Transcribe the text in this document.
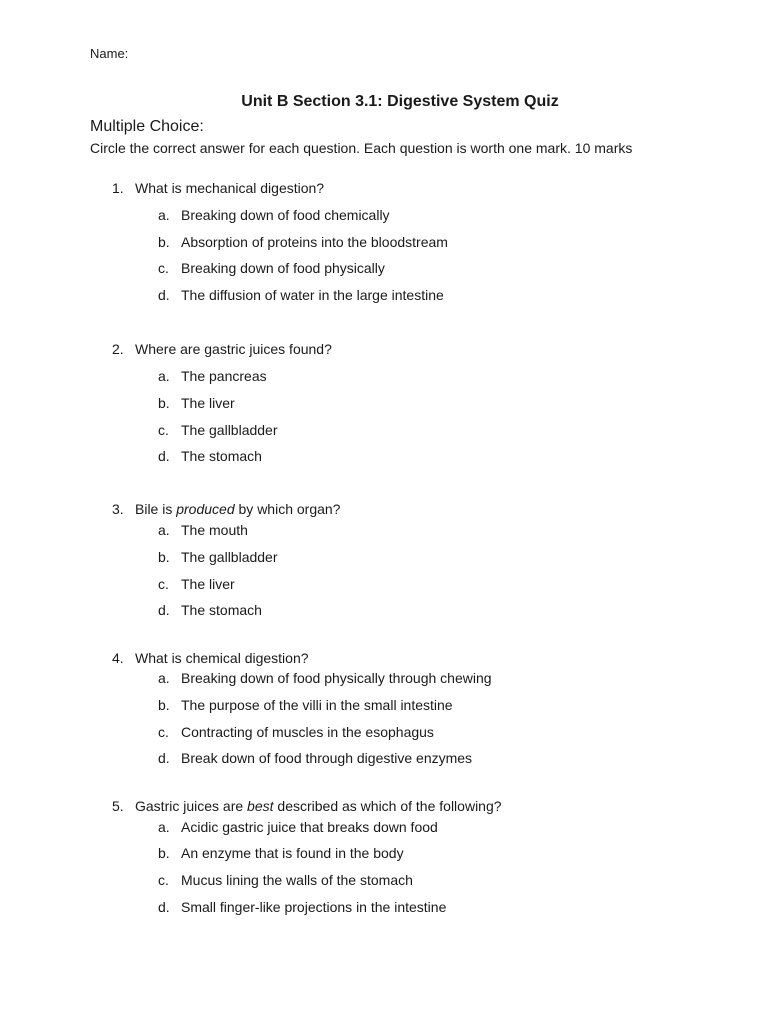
Name:
Unit B Section 3.1: Digestive System Quiz
Multiple Choice:
Circle the correct answer for each question. Each question is worth one mark. 10 marks
1. What is mechanical digestion?
a. Breaking down of food chemically
b. Absorption of proteins into the bloodstream
c. Breaking down of food physically
d. The diffusion of water in the large intestine
2. Where are gastric juices found?
a. The pancreas
b. The liver
c. The gallbladder
d. The stomach
3. Bile is produced by which organ?
a. The mouth
b. The gallbladder
c. The liver
d. The stomach
4. What is chemical digestion?
a. Breaking down of food physically through chewing
b. The purpose of the villi in the small intestine
c. Contracting of muscles in the esophagus
d. Break down of food through digestive enzymes
5. Gastric juices are best described as which of the following?
a. Acidic gastric juice that breaks down food
b. An enzyme that is found in the body
c. Mucus lining the walls of the stomach
d. Small finger-like projections in the intestine
